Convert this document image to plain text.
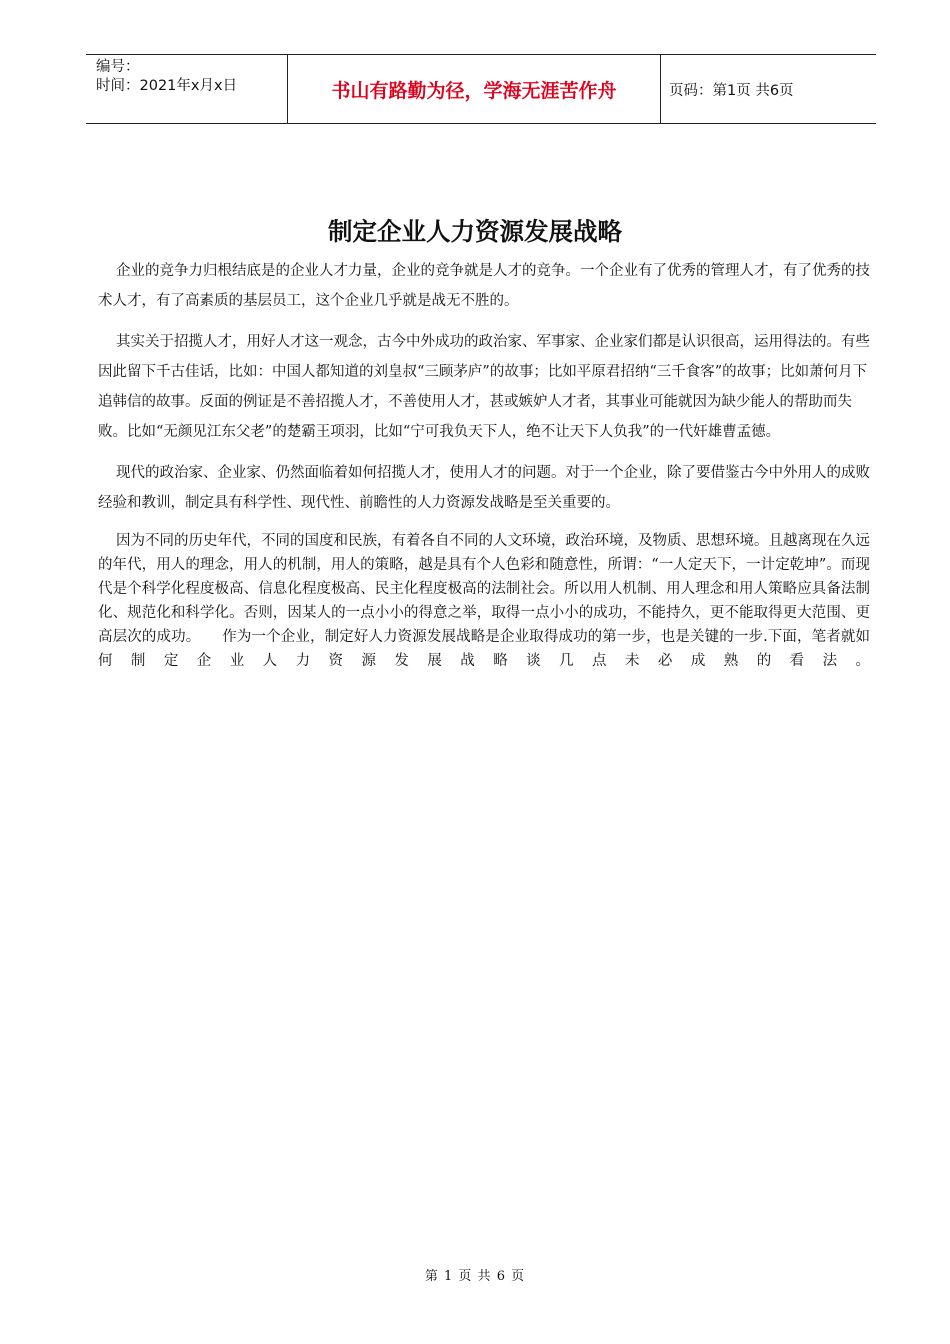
编号：
时间：2021年x月x日	书山有路勤为径，学海无涯苦作舟	页码：第1页 共6页
制定企业人力资源发展战略

企业的竞争力归根结底是的企业人才力量，企业的竞争就是人才的竞争。一个企业有了优秀的管理人才，有了优秀的技术人才，有了高素质的基层员工，这个企业几乎就是战无不胜的。

其实关于招揽人才，用好人才这一观念，古今中外成功的政治家、军事家、企业家们都是认识很高，运用得法的。有些因此留下千古佳话，比如：中国人都知道的刘皇叔“三顾茅庐”的故事；比如平原君招纳“三千食客”的故事；比如萧何月下追韩信的故事。反面的例证是不善招揽人才，不善使用人才，甚或嫉妒人才者，其事业可能就因为缺少能人的帮助而失败。比如“无颜见江东父老”的楚霸王项羽，比如“宁可我负天下人，绝不让天下人负我”的一代奸雄曹孟德。

现代的政治家、企业家、仍然面临着如何招揽人才，使用人才的问题。对于一个企业，除了要借鉴古今中外用人的成败经验和教训，制定具有科学性、现代性、前瞻性的人力资源发战略是至关重要的。

因为不同的历史年代，不同的国度和民族，有着各自不同的人文环境，政治环境，及物质、思想环境。且越离现在久远的年代，用人的理念，用人的机制，用人的策略，越是具有个人色彩和随意性，所谓：“一人定天下，一计定乾坤”。而现代是个科学化程度极高、信息化程度极高、民主化程度极高的法制社会。所以用人机制、用人理念和用人策略应具备法制化、规范化和科学化。否则，因某人的一点小小的得意之举，取得一点小小的成功，不能持久，更不能取得更大范围、更高层次的成功。　　作为一个企业，制定好人力资源发展战略是企业取得成功的第一步，也是关键的一步.下面，笔者就如何制定企业人力资源发展战略谈几点未必成熟的看法。

第 1 页 共 6 页
